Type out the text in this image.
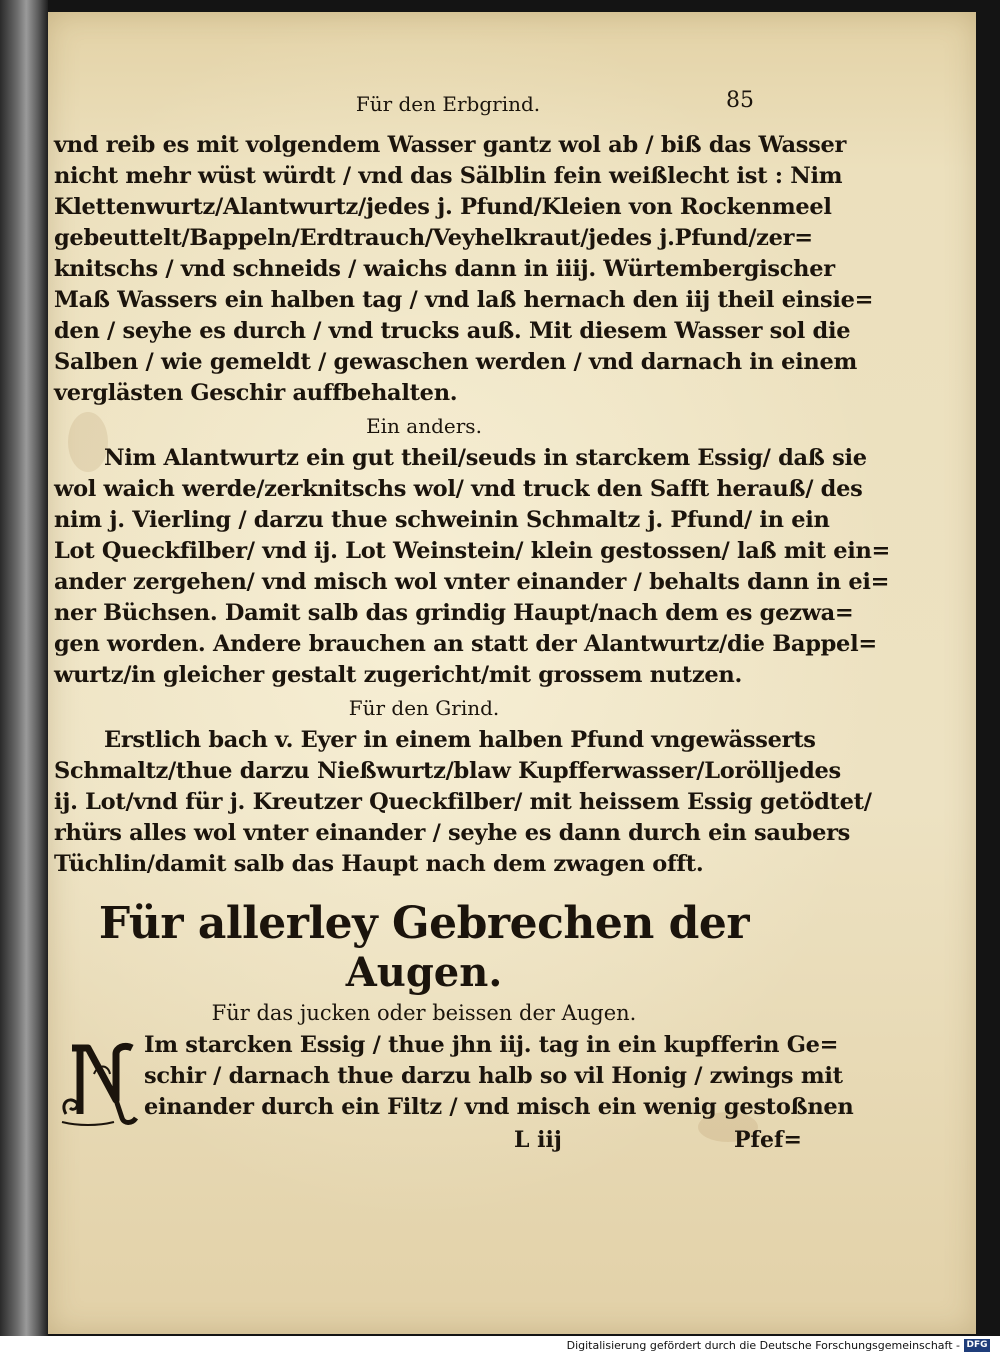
Für den Erbgrind.	85
vnd reib es mit volgendem Wasser gantz wol ab / biß das Wasser
nicht mehr wüst würdt / vnd das Sälblin fein weißlecht ist : Nim
Klettenwurtz/Alantwurtz/jedes j. Pfund/Kleien von Rockenmeel
gebeuttelt/Bappeln/Erdtrauch/Veyhelkraut/jedes j.Pfund/zer=
knitschs / vnd schneids / waichs dann in iiij. Würtembergischer
Maß Wassers ein halben tag / vnd laß hernach den iij theil einsie=
den / seyhe es durch / vnd trucks auß. Mit diesem Wasser sol die
Salben / wie gemeldt / gewaschen werden / vnd darnach in einem
verglästen Geschir auffbehalten.
Ein anders.
Nim Alantwurtz ein gut theil/seuds in starckem Essig/ daß sie
wol waich werde/zerknitschs wol/ vnd truck den Safft herauß/ des
nim j. Vierling / darzu thue schweinin Schmaltz j. Pfund/ in ein
Lot Queckfilber/ vnd ij. Lot Weinstein/ klein gestossen/ laß mit ein=
ander zergehen/ vnd misch wol vnter einander / behalts dann in ei=
ner Büchsen. Damit salb das grindig Haupt/nach dem es gezwa=
gen worden. Andere brauchen an statt der Alantwurtz/die Bappel=
wurtz/in gleicher gestalt zugericht/mit grossem nutzen.
Für den Grind.
Erstlich bach v. Eyer in einem halben Pfund vngewässerts
Schmaltz/thue darzu Nießwurtz/blaw Kupfferwasser/Lorölljedes
ij. Lot/vnd für j. Kreutzer Queckfilber/ mit heissem Essig getödtet/
rhürs alles wol vnter einander / seyhe es dann durch ein saubers
Tüchlin/damit salb das Haupt nach dem zwagen offt.
Für allerley Gebrechen der
Augen.
Für das jucken oder beissen der Augen.
N
Im starcken Essig / thue jhn iij. tag in ein kupfferin Ge=
schir / darnach thue darzu halb so vil Honig / zwings mit
einander durch ein Filtz / vnd misch ein wenig gestoßnen
L iij	Pfef=
Digitalisierung gefördert durch die Deutsche Forschungsgemeinschaft - DFG
